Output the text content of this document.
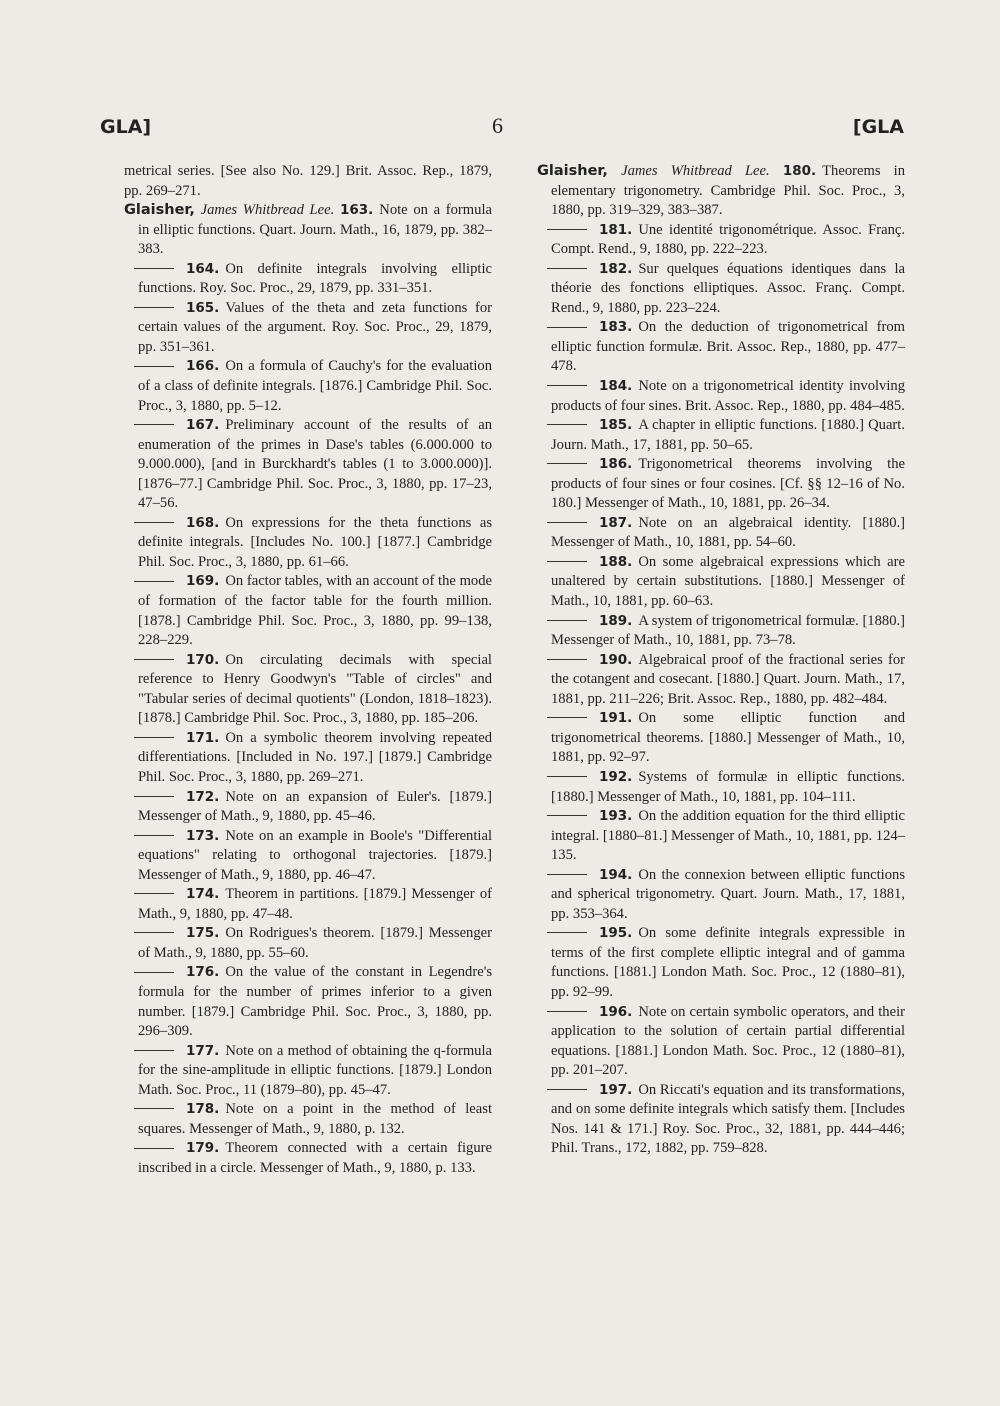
GLA]	6	[GLA

metrical series. [See also No. 129.] Brit. Assoc. Rep., 1879, pp. 269–271.

Glaisher, James Whitbread Lee. 163. Note on a formula in elliptic functions. Quart. Journ. Math., 16, 1879, pp. 382–383.

164. On definite integrals involving elliptic functions. Roy. Soc. Proc., 29, 1879, pp. 331–351.

165. Values of the theta and zeta functions for certain values of the argument. Roy. Soc. Proc., 29, 1879, pp. 351–361.

166. On a formula of Cauchy's for the evaluation of a class of definite integrals. [1876.] Cambridge Phil. Soc. Proc., 3, 1880, pp. 5–12.

167. Preliminary account of the results of an enumeration of the primes in Dase's tables (6.000.000 to 9.000.000), [and in Burckhardt's tables (1 to 3.000.000)]. [1876–77.] Cambridge Phil. Soc. Proc., 3, 1880, pp. 17–23, 47–56.

168. On expressions for the theta functions as definite integrals. [Includes No. 100.] [1877.] Cambridge Phil. Soc. Proc., 3, 1880, pp. 61–66.

169. On factor tables, with an account of the mode of formation of the factor table for the fourth million. [1878.] Cambridge Phil. Soc. Proc., 3, 1880, pp. 99–138, 228–229.

170. On circulating decimals with special reference to Henry Goodwyn's "Table of circles" and "Tabular series of decimal quotients" (London, 1818–1823). [1878.] Cambridge Phil. Soc. Proc., 3, 1880, pp. 185–206.

171. On a symbolic theorem involving repeated differentiations. [Included in No. 197.] [1879.] Cambridge Phil. Soc. Proc., 3, 1880, pp. 269–271.

172. Note on an expansion of Euler's. [1879.] Messenger of Math., 9, 1880, pp. 45–46.

173. Note on an example in Boole's "Differential equations" relating to orthogonal trajectories. [1879.] Messenger of Math., 9, 1880, pp. 46–47.

174. Theorem in partitions. [1879.] Messenger of Math., 9, 1880, pp. 47–48.

175. On Rodrigues's theorem. [1879.] Messenger of Math., 9, 1880, pp. 55–60.

176. On the value of the constant in Legendre's formula for the number of primes inferior to a given number. [1879.] Cambridge Phil. Soc. Proc., 3, 1880, pp. 296–309.

177. Note on a method of obtaining the q-formula for the sine-amplitude in elliptic functions. [1879.] London Math. Soc. Proc., 11 (1879–80), pp. 45–47.

178. Note on a point in the method of least squares. Messenger of Math., 9, 1880, p. 132.

179. Theorem connected with a certain figure inscribed in a circle. Messenger of Math., 9, 1880, p. 133.

Glaisher, James Whitbread Lee. 180. Theorems in elementary trigonometry. Cambridge Phil. Soc. Proc., 3, 1880, pp. 319–329, 383–387.

181. Une identité trigonométrique. Assoc. Franç. Compt. Rend., 9, 1880, pp. 222–223.

182. Sur quelques équations identiques dans la théorie des fonctions elliptiques. Assoc. Franç. Compt. Rend., 9, 1880, pp. 223–224.

183. On the deduction of trigonometrical from elliptic function formulæ. Brit. Assoc. Rep., 1880, pp. 477–478.

184. Note on a trigonometrical identity involving products of four sines. Brit. Assoc. Rep., 1880, pp. 484–485.

185. A chapter in elliptic functions. [1880.] Quart. Journ. Math., 17, 1881, pp. 50–65.

186. Trigonometrical theorems involving the products of four sines or four cosines. [Cf. §§ 12–16 of No. 180.] Messenger of Math., 10, 1881, pp. 26–34.

187. Note on an algebraical identity. [1880.] Messenger of Math., 10, 1881, pp. 54–60.

188. On some algebraical expressions which are unaltered by certain substitutions. [1880.] Messenger of Math., 10, 1881, pp. 60–63.

189. A system of trigonometrical formulæ. [1880.] Messenger of Math., 10, 1881, pp. 73–78.

190. Algebraical proof of the fractional series for the cotangent and cosecant. [1880.] Quart. Journ. Math., 17, 1881, pp. 211–226; Brit. Assoc. Rep., 1880, pp. 482–484.

191. On some elliptic function and trigonometrical theorems. [1880.] Messenger of Math., 10, 1881, pp. 92–97.

192. Systems of formulæ in elliptic functions. [1880.] Messenger of Math., 10, 1881, pp. 104–111.

193. On the addition equation for the third elliptic integral. [1880–81.] Messenger of Math., 10, 1881, pp. 124–135.

194. On the connexion between elliptic functions and spherical trigonometry. Quart. Journ. Math., 17, 1881, pp. 353–364.

195. On some definite integrals expressible in terms of the first complete elliptic integral and of gamma functions. [1881.] London Math. Soc. Proc., 12 (1880–81), pp. 92–99.

196. Note on certain symbolic operators, and their application to the solution of certain partial differential equations. [1881.] London Math. Soc. Proc., 12 (1880–81), pp. 201–207.

197. On Riccati's equation and its transformations, and on some definite integrals which satisfy them. [Includes Nos. 141 & 171.] Roy. Soc. Proc., 32, 1881, pp. 444–446; Phil. Trans., 172, 1882, pp. 759–828.
